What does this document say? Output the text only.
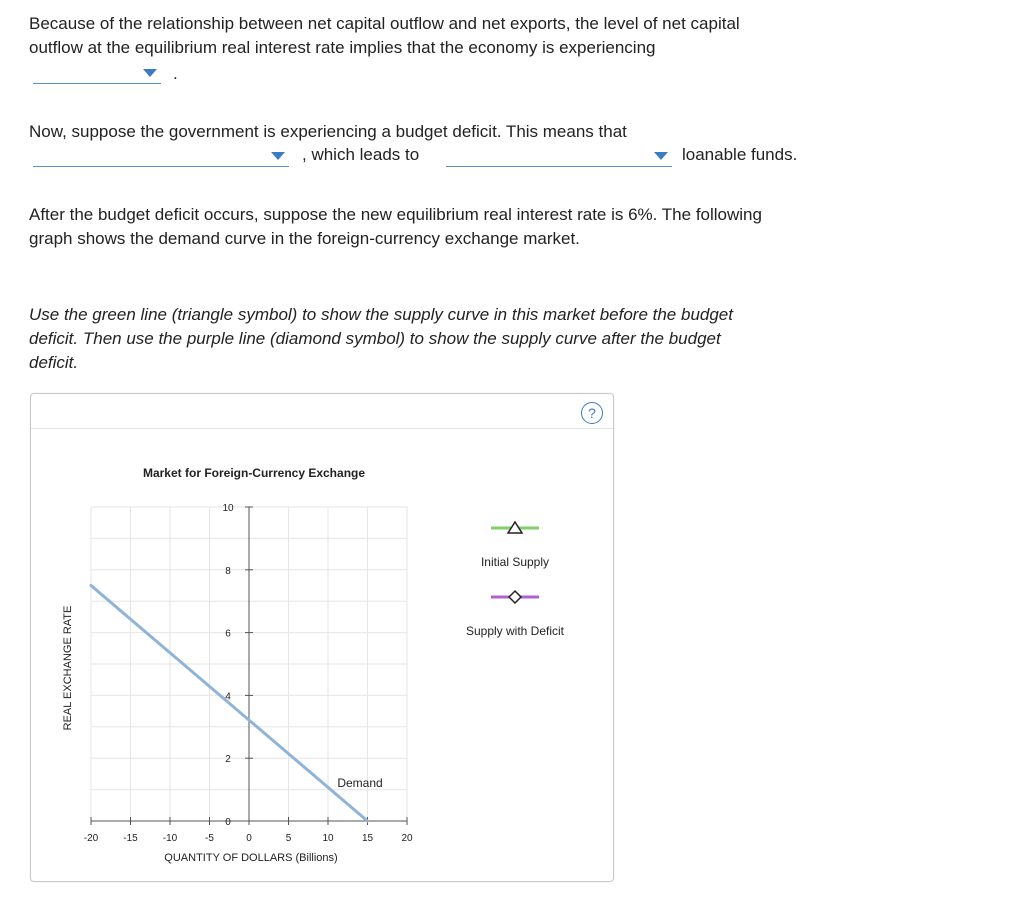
Because of the relationship between net capital outflow and net exports, the level of net capital
outflow at the equilibrium real interest rate implies that the economy is experiencing
.
Now, suppose the government is experiencing a budget deficit. This means that
, which leads to	loanable funds.
After the budget deficit occurs, suppose the new equilibrium real interest rate is 6%. The following
graph shows the demand curve in the foreign-currency exchange market.
Use the green line (triangle symbol) to show the supply curve in this market before the budget
deficit. Then use the purple line (diamond symbol) to show the supply curve after the budget
deficit.
?
Market for Foreign-Currency Exchange
-20	-15	-10	-5	0	5	10	15	20
0
2
4
6
8
10
REAL EXCHANGE RATE
QUANTITY OF DOLLARS (Billions)
Initial Supply
Supply with Deficit
Demand
